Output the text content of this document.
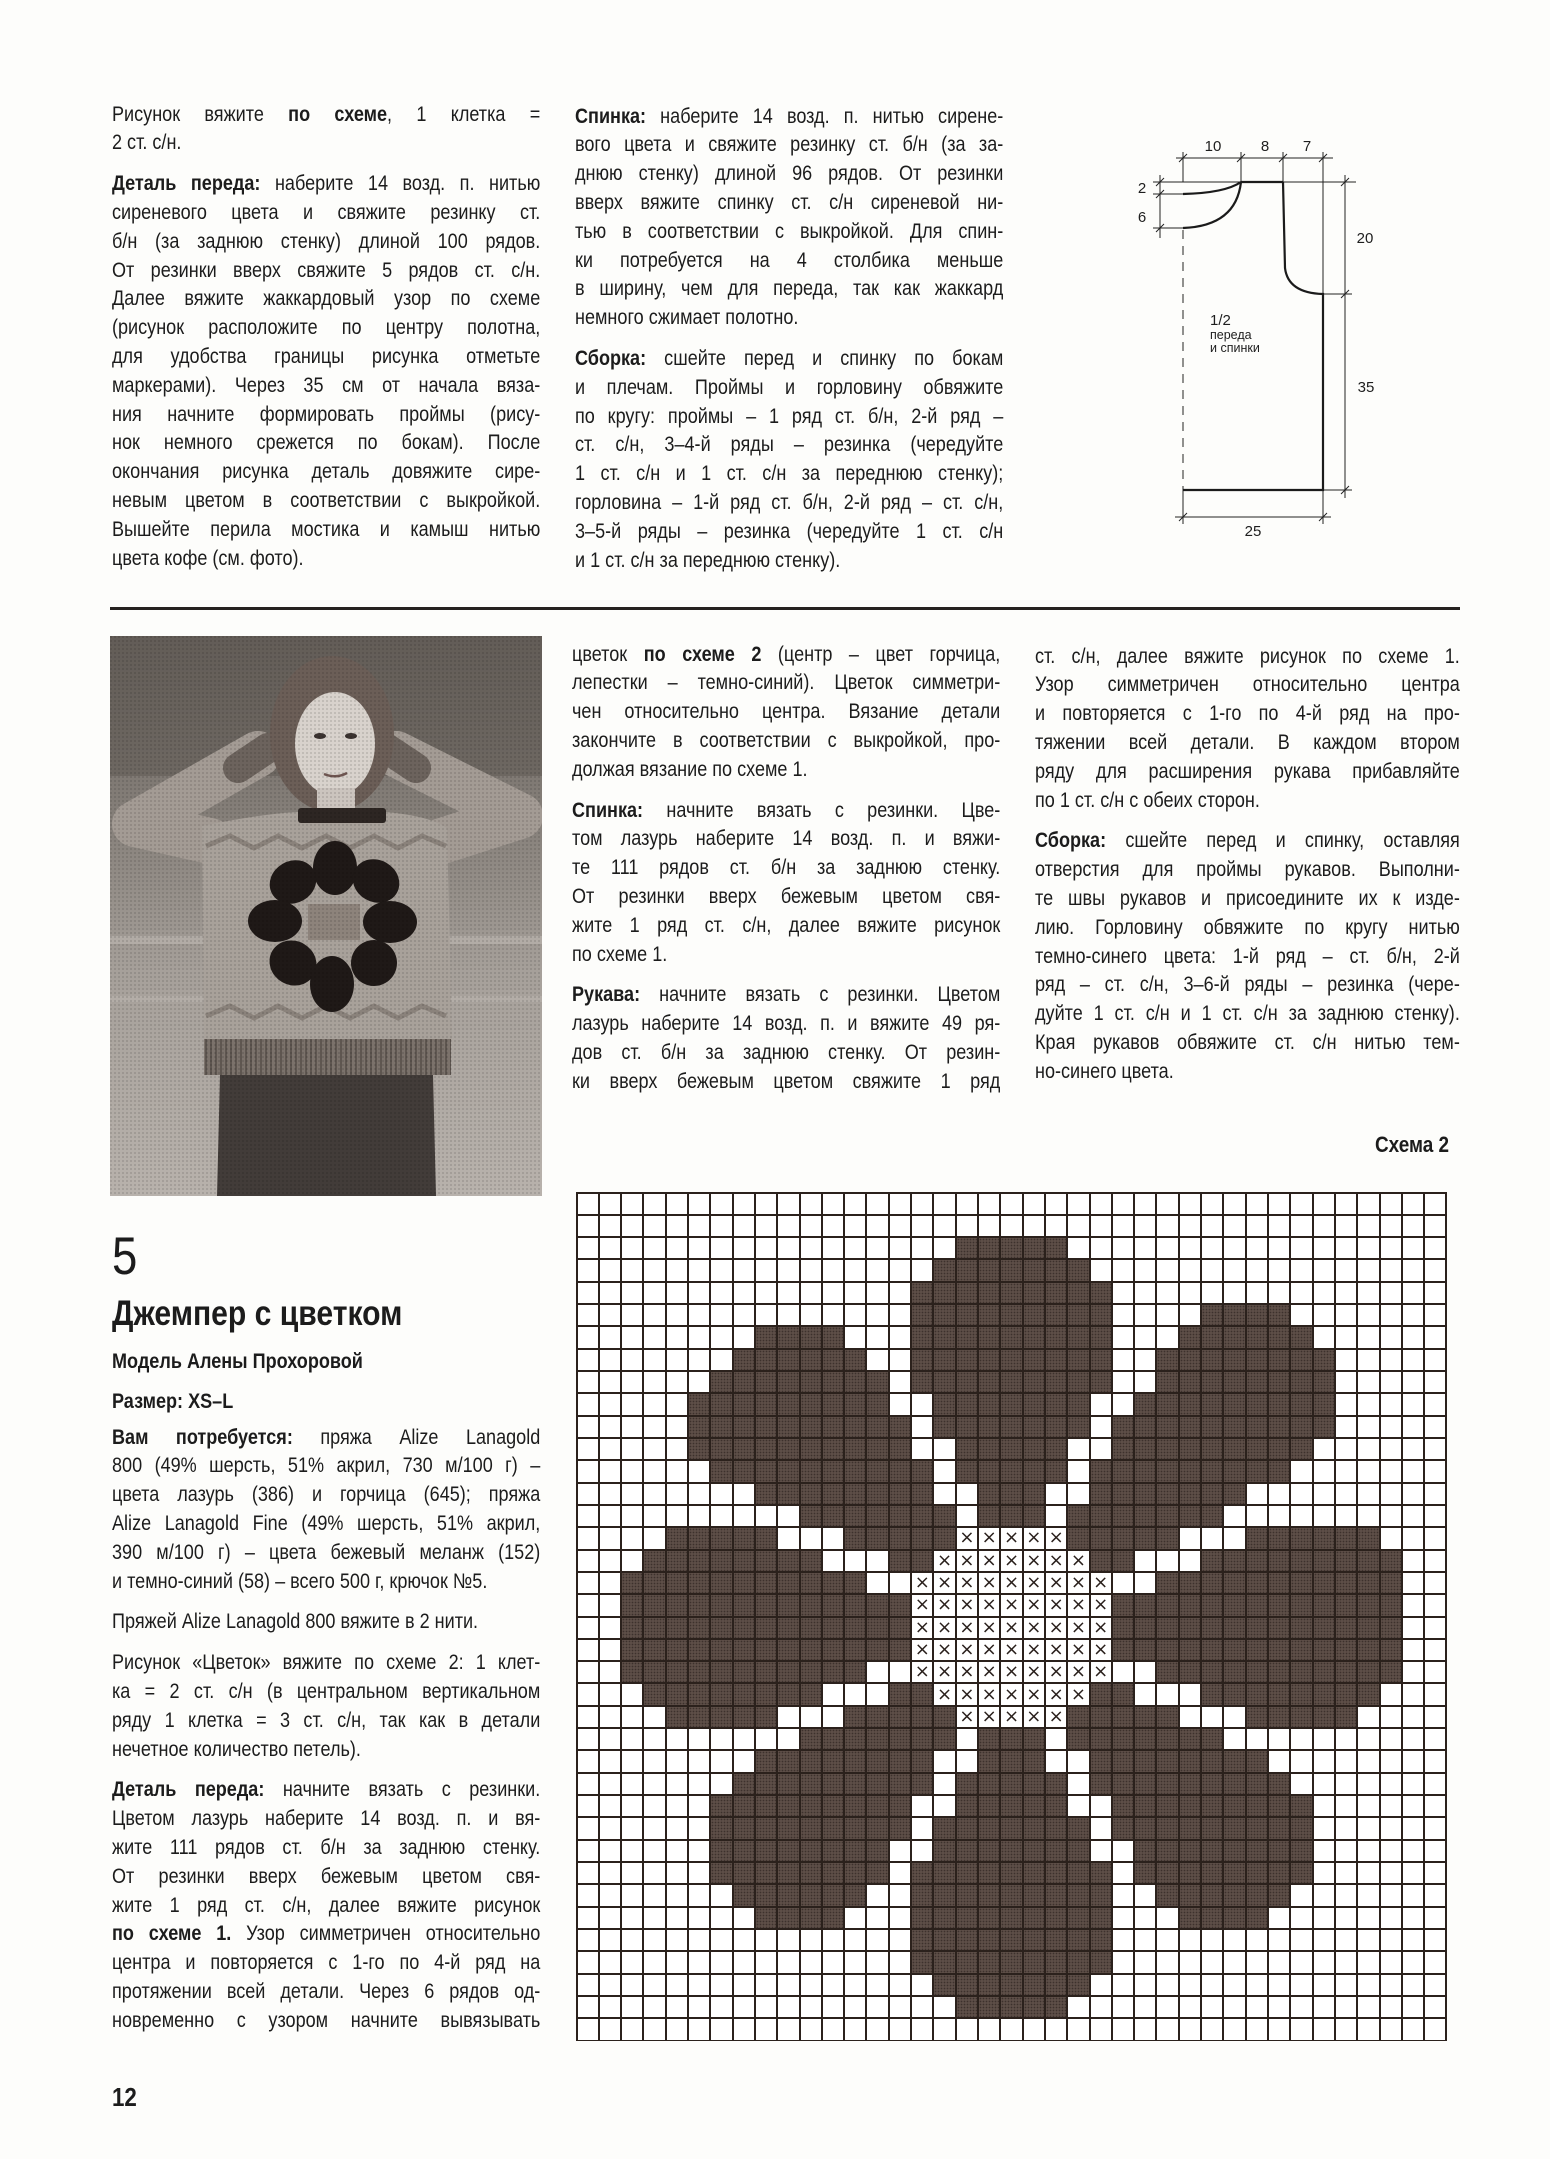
Рисунок вяжите по схеме, 1 клетка =
2 ст. с/н.
Деталь переда: наберите 14 возд. п. нитью
сиреневого цвета и свяжите резинку ст.
б/н (за заднюю стенку) длиной 100 рядов.
От резинки вверх свяжите 5 рядов ст. с/н.
Далее вяжите жаккардовый узор по схеме
(рисунок расположите по центру полотна,
для удобства границы рисунка отметьте
маркерами). Через 35 см от начала вяза-
ния начните формировать проймы (рису-
нок немного срежется по бокам). После
окончания рисунка деталь довяжите сире-
невым цветом в соответствии с выкройкой.
Вышейте перила мостика и камыш нитью
цвета кофе (см. фото).
Спинка: наберите 14 возд. п. нитью сирене-
вого цвета и свяжите резинку ст. б/н (за за-
днюю стенку) длиной 96 рядов. От резинки
вверх вяжите спинку ст. с/н сиреневой ни-
тью в соответствии с выкройкой. Для спин-
ки потребуется на 4 столбика меньше
в ширину, чем для переда, так как жаккард
немного сжимает полотно.
Сборка: сшейте перед и спинку по бокам
и плечам. Проймы и горловину обвяжите
по кругу: проймы – 1 ряд ст. б/н, 2-й ряд –
ст. с/н, 3–4-й ряды – резинка (чередуйте
1 ст. с/н и 1 ст. с/н за переднюю стенку);
горловина – 1-й ряд ст. б/н, 2-й ряд – ст. с/н,
3–5-й ряды – резинка (чередуйте 1 ст. с/н
и 1 ст. с/н за переднюю стенку).
10	8 7
2
6
20
35
25
1/2
переда
и спинки
цветок по схеме 2 (центр – цвет горчица,
лепестки – темно-синий). Цветок симметри-
чен относительно центра. Вязание детали
закончите в соответствии с выкройкой, про-
должая вязание по схеме 1.
Спинка: начните вязать с резинки. Цве-
том лазурь наберите 14 возд. п. и вяжи-
те 111 рядов ст. б/н за заднюю стенку.
От резинки вверх бежевым цветом свя-
жите 1 ряд ст. с/н, далее вяжите рисунок
по схеме 1.
Рукава: начните вязать с резинки. Цветом
лазурь наберите 14 возд. п. и вяжите 49 ря-
дов ст. б/н за заднюю стенку. От резин-
ки вверх бежевым цветом свяжите 1 ряд
ст. с/н, далее вяжите рисунок по схеме 1.
Узор симметричен относительно центра
и повторяется с 1-го по 4-й ряд на про-
тяжении всей детали. В каждом втором
ряду для расширения рукава прибавляйте
по 1 ст. с/н с обеих сторон.
Сборка: сшейте перед и спинку, оставляя
отверстия для проймы рукавов. Выполни-
те швы рукавов и присоедините их к изде-
лию. Горловину обвяжите по кругу нитью
темно-синего цвета: 1-й ряд – ст. б/н, 2-й
ряд – ст. с/н, 3–6-й ряды – резинка (чере-
дуйте 1 ст. с/н и 1 ст. с/н за заднюю стенку).
Края рукавов обвяжите ст. с/н нитью тем-
но-синего цвета.
Схема 2
× × × × ×
× × × × × × ×
× × × × × × × × ×
× × × × × × × × ×
× × × × × × × × ×
× × × × × × × × ×
× × × × × × × × ×
× × × × × × ×
× × × × ×
5
Джемпер с цветком
Модель Алены Прохоровой
Размер: XS–L
Вам потребуется: пряжа Alize Lanagold
800 (49% шерсть, 51% акрил, 730 м/100 г) –
цвета лазурь (386) и горчица (645); пряжа
Alize Lanagold Fine (49% шерсть, 51% акрил,
390 м/100 г) – цвета бежевый меланж (152)
и темно-синий (58) – всего 500 г, крючок №5.
Пряжей Alize Lanagold 800 вяжите в 2 нити.
Рисунок «Цветок» вяжите по схеме 2: 1 клет-
ка = 2 ст. с/н (в центральном вертикальном
ряду 1 клетка = 3 ст. с/н, так как в детали
нечетное количество петель).
Деталь переда: начните вязать с резинки.
Цветом лазурь наберите 14 возд. п. и вя-
жите 111 рядов ст. б/н за заднюю стенку.
От резинки вверх бежевым цветом свя-
жите 1 ряд ст. с/н, далее вяжите рисунок
по схеме 1. Узор симметричен относительно
центра и повторяется с 1-го по 4-й ряд на
протяжении всей детали. Через 6 рядов од-
новременно с узором начните вывязывать
12
